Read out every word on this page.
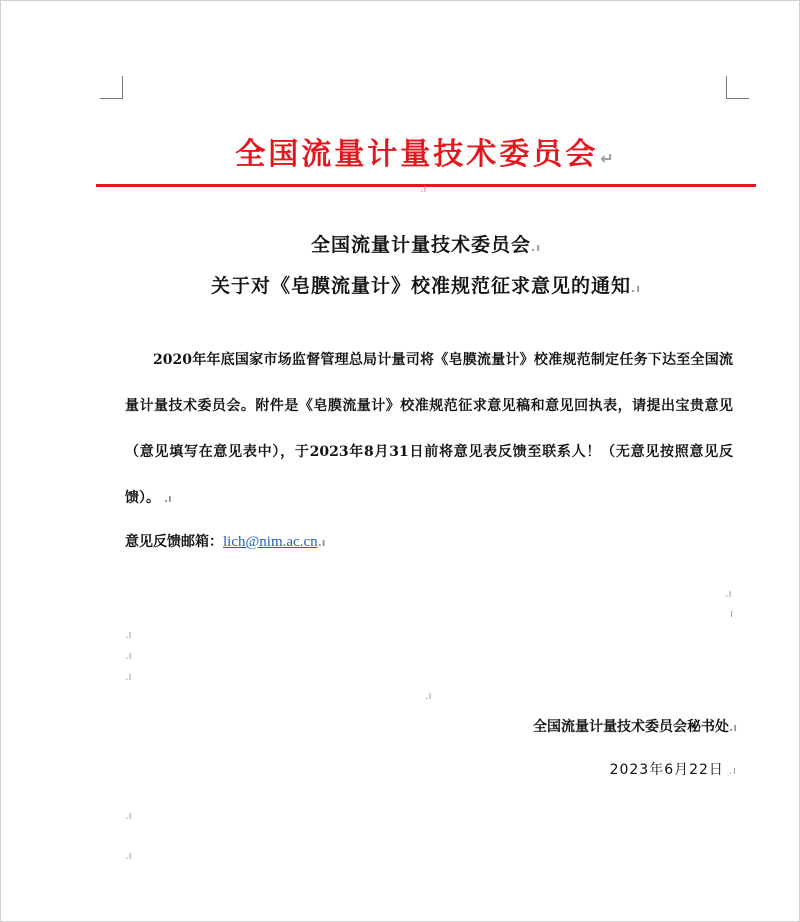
全国流量计量技术委员会 ↵
.ı
全国流量计量技术委员会.ı
关于对《皂膜流量计》校准规范征求意见的通知.ı
2020年年底国家市场监督管理总局计量司将《皂膜流量计》校准规范制定任务下达至全国流量计量技术委员会。附件是《皂膜流量计》校准规范征求意见稿和意见回执表，请提出宝贵意见（意见填写在意见表中），于2023年8月31日前将意见表反馈至联系人！（无意见按照意见反馈）。 .ı
意见反馈邮箱：lich@nim.ac.cn.ı
.ı
ı
.ı
.ı
.ı
.ı
全国流量计量技术委员会秘书处.ı
2023年6月22日 .ı
.ı
.ı
